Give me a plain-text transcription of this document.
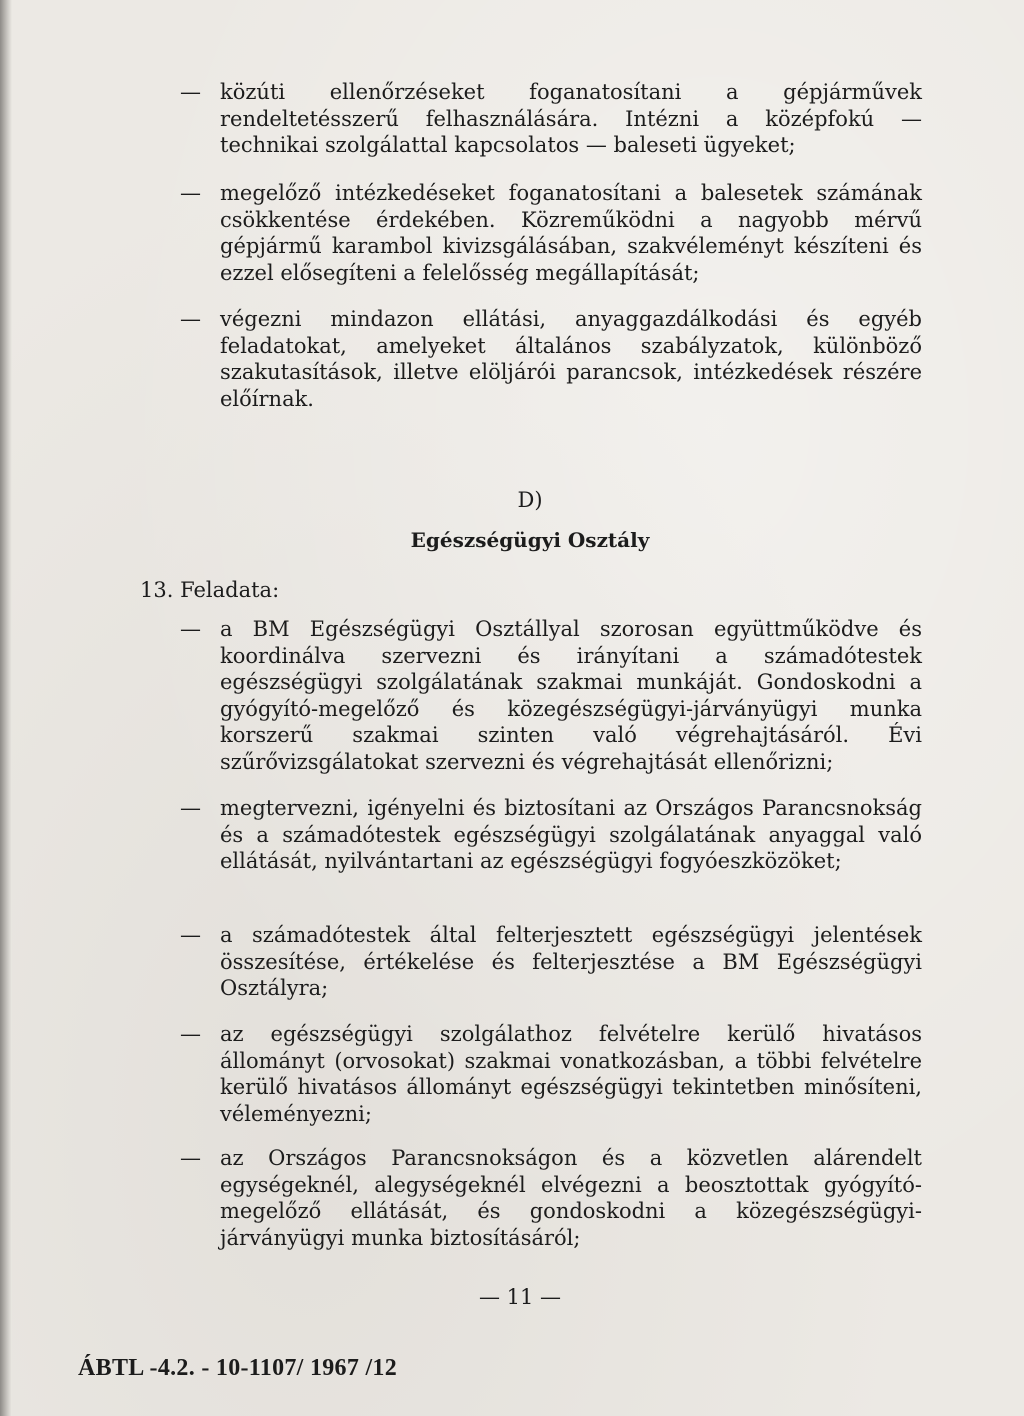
— közúti ellenőrzéseket foganatosítani a gépjárművek rendeltetésszerű felhasználására. Intézni a középfokú — technikai szolgálattal kapcsolatos — baleseti ügyeket;
— megelőző intézkedéseket foganatosítani a balesetek számának csökkentése érdekében. Közreműködni a nagyobb mérvű gépjármű karambol kivizsgálásában, szakvéleményt készíteni és ezzel elősegíteni a felelősség megállapítását;
— végezni mindazon ellátási, anyaggazdálkodási és egyéb feladatokat, amelyeket általános szabályzatok, különböző szakutasítások, illetve elöljárói parancsok, intézkedések részére előírnak.
D)
Egészségügyi Osztály
13. Feladata:
— a BM Egészségügyi Osztállyal szorosan együttműködve és koordinálva szervezni és irányítani a számadótestek egészségügyi szolgálatának szakmai munkáját. Gondoskodni a gyógyító-megelőző és közegészségügyi-járványügyi munka korszerű szakmai szinten való végrehajtásáról. Évi szűrővizsgálatokat szervezni és végrehajtását ellenőrizni;
— megtervezni, igényelni és biztosítani az Országos Parancsnokság és a számadótestek egészségügyi szolgálatának anyaggal való ellátását, nyilvántartani az egészségügyi fogyóeszközöket;
— a számadótestek által felterjesztett egészségügyi jelentések összesítése, értékelése és felterjesztése a BM Egészségügyi Osztályra;
— az egészségügyi szolgálathoz felvételre kerülő hivatásos állományt (orvosokat) szakmai vonatkozásban, a többi felvételre kerülő hivatásos állományt egészségügyi tekintetben minősíteni, véleményezni;
— az Országos Parancsnokságon és a közvetlen alárendelt egységeknél, alegységeknél elvégezni a beosztottak gyógyító-megelőző ellátását, és gondoskodni a közegészségügyi-járványügyi munka biztosításáról;
— 11 —
ÁBTL -4.2. - 10-1107/ 1967 /12
